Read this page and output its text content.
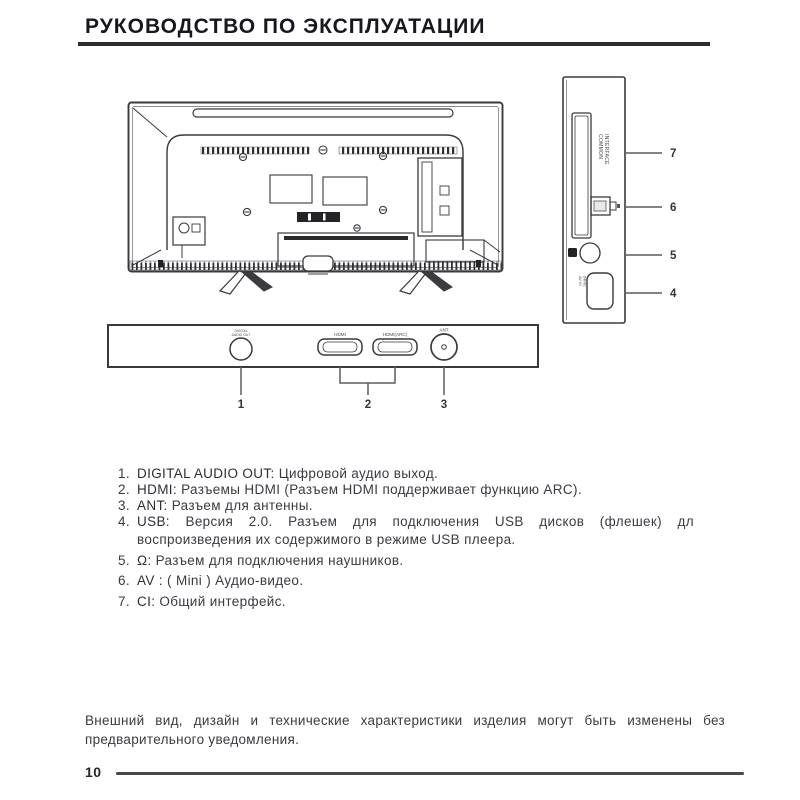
РУКОВОДСТВО ПО ЭКСПЛУАТАЦИИ
COMMON INTERFACE
AV IN (MINI)
7
6
5
4
DIGITAL
AUDIO OUT	HDMI	HDMI(ARC)
ANT
1	2	3
1. DIGITAL AUDIO OUT: Цифровой аудио выход.
2. HDMI: Разъемы HDMI (Разъем HDMI поддерживает функцию ARC).
3. ANT: Разъем для антенны.
4. USB: Версия 2.0. Разъем для подключения USB дисков (флешек) дл
воспроизведения их содержимого в режиме USB плеера.
5. Ω: Разъем для подключения наушников.
6. AV : ( Mini ) Аудио-видео.
7. CI: Общий интерфейс.
Внешний вид, дизайн и технические характеристики изделия могут быть изменены без
предварительного уведомления.
10
